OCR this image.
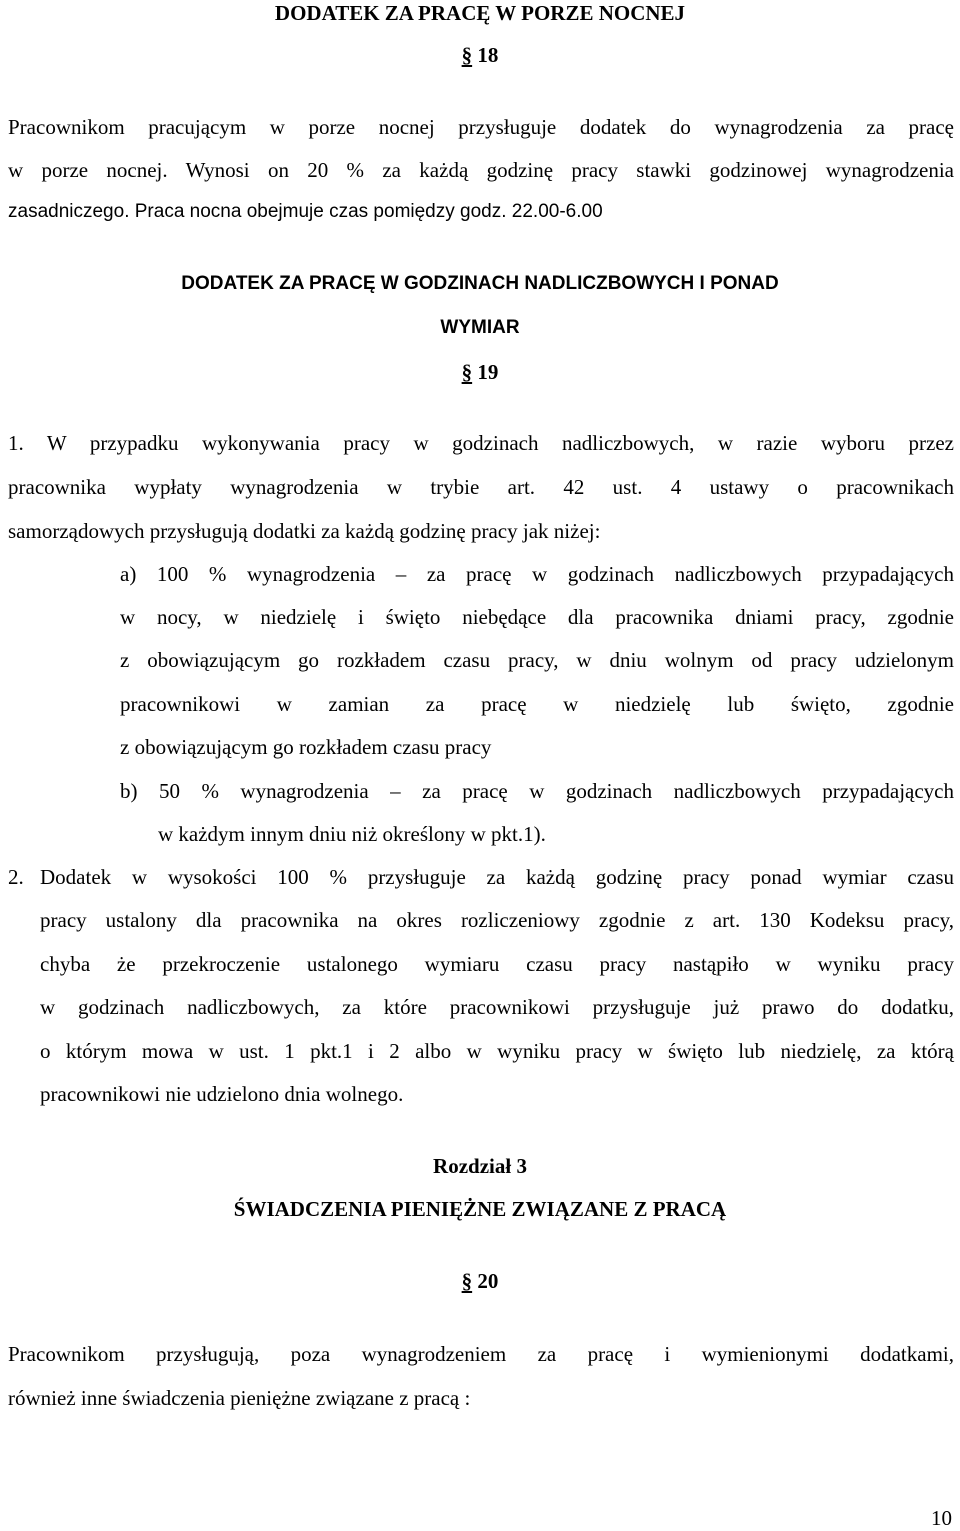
DODATEK ZA PRACĘ W PORZE NOCNEJ
§ 18
Pracownikom pracującym w porze nocnej przysługuje dodatek do wynagrodzenia za pracę
w porze nocnej. Wynosi on 20 % za każdą godzinę pracy stawki godzinowej wynagrodzenia
zasadniczego. Praca nocna obejmuje czas pomiędzy godz. 22.00-6.00
DODATEK ZA PRACĘ W GODZINACH NADLICZBOWYCH I PONAD
WYMIAR
§ 19
1. W przypadku wykonywania pracy w godzinach nadliczbowych, w razie wyboru przez
pracownika wypłaty wynagrodzenia w trybie art. 42 ust. 4 ustawy o pracownikach
samorządowych przysługują dodatki za każdą godzinę pracy jak niżej:
a) 100 % wynagrodzenia – za pracę w godzinach nadliczbowych przypadających
w nocy, w niedzielę i święto niebędące dla pracownika dniami pracy, zgodnie
z obowiązującym go rozkładem czasu pracy, w dniu wolnym od pracy udzielonym
pracownikowi w zamian za pracę w niedzielę lub święto, zgodnie
z obowiązującym go rozkładem czasu pracy
b) 50 % wynagrodzenia – za pracę w godzinach nadliczbowych przypadających
w każdym innym dniu niż określony w pkt.1).
2. Dodatek w wysokości 100 % przysługuje za każdą godzinę pracy ponad wymiar czasu
pracy ustalony dla pracownika na okres rozliczeniowy zgodnie z art. 130 Kodeksu pracy,
chyba że przekroczenie ustalonego wymiaru czasu pracy nastąpiło w wyniku pracy
w godzinach nadliczbowych, za które pracownikowi przysługuje już prawo do dodatku,
o którym mowa w ust. 1 pkt.1 i 2 albo w wyniku pracy w święto lub niedzielę, za którą
pracownikowi nie udzielono dnia wolnego.
Rozdział 3
ŚWIADCZENIA PIENIĘŻNE ZWIĄZANE Z PRACĄ
§ 20
Pracownikom przysługują, poza wynagrodzeniem za pracę i wymienionymi dodatkami,
również inne świadczenia pieniężne związane z pracą :
10
